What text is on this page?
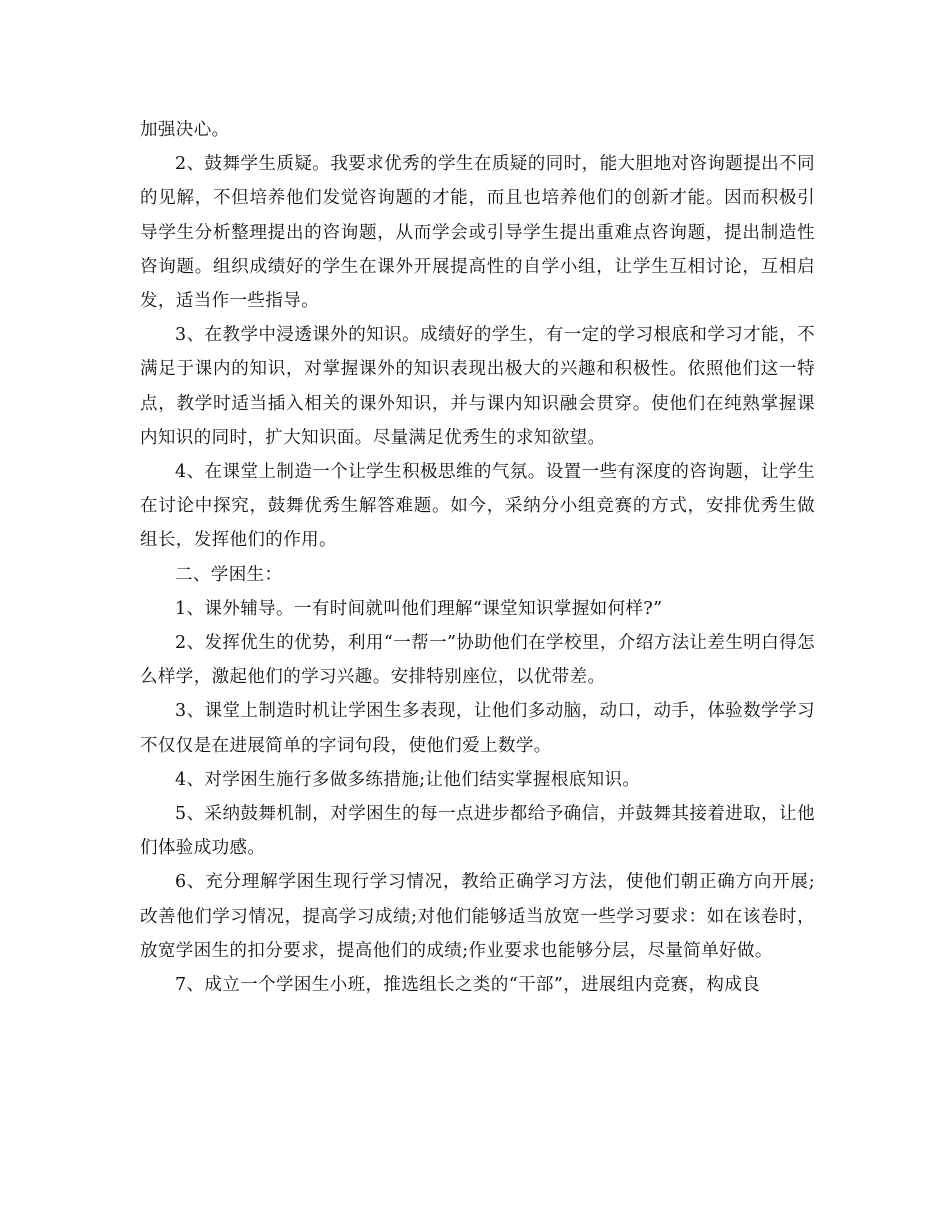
加强决心。

2、鼓舞学生质疑。我要求优秀的学生在质疑的同时，能大胆地对咨询题提出不同的见解，不但培养他们发觉咨询题的才能，而且也培养他们的创新才能。因而积极引导学生分析整理提出的咨询题，从而学会或引导学生提出重难点咨询题，提出制造性咨询题。组织成绩好的学生在课外开展提高性的自学小组，让学生互相讨论，互相启发，适当作一些指导。

3、在教学中浸透课外的知识。成绩好的学生，有一定的学习根底和学习才能，不满足于课内的知识，对掌握课外的知识表现出极大的兴趣和积极性。依照他们这一特点，教学时适当插入相关的课外知识，并与课内知识融会贯穿。使他们在纯熟掌握课内知识的同时，扩大知识面。尽量满足优秀生的求知欲望。

4、在课堂上制造一个让学生积极思维的气氛。设置一些有深度的咨询题，让学生在讨论中探究，鼓舞优秀生解答难题。如今，采纳分小组竞赛的方式，安排优秀生做组长，发挥他们的作用。

二、学困生：

1、课外辅导。一有时间就叫他们理解“课堂知识掌握如何样?”

2、发挥优生的优势，利用“一帮一”协助他们在学校里，介绍方法让差生明白得怎么样学，激起他们的学习兴趣。安排特别座位，以优带差。

3、课堂上制造时机让学困生多表现，让他们多动脑，动口，动手，体验数学学习不仅仅是在进展简单的字词句段，使他们爱上数学。

4、对学困生施行多做多练措施;让他们结实掌握根底知识。

5、采纳鼓舞机制，对学困生的每一点进步都给予确信，并鼓舞其接着进取，让他们体验成功感。

6、充分理解学困生现行学习情况，教给正确学习方法，使他们朝正确方向开展;改善他们学习情况，提高学习成绩;对他们能够适当放宽一些学习要求：如在该卷时，放宽学困生的扣分要求，提高他们的成绩;作业要求也能够分层，尽量简单好做。

7、成立一个学困生小班，推选组长之类的“干部”，进展组内竞赛，构成良
